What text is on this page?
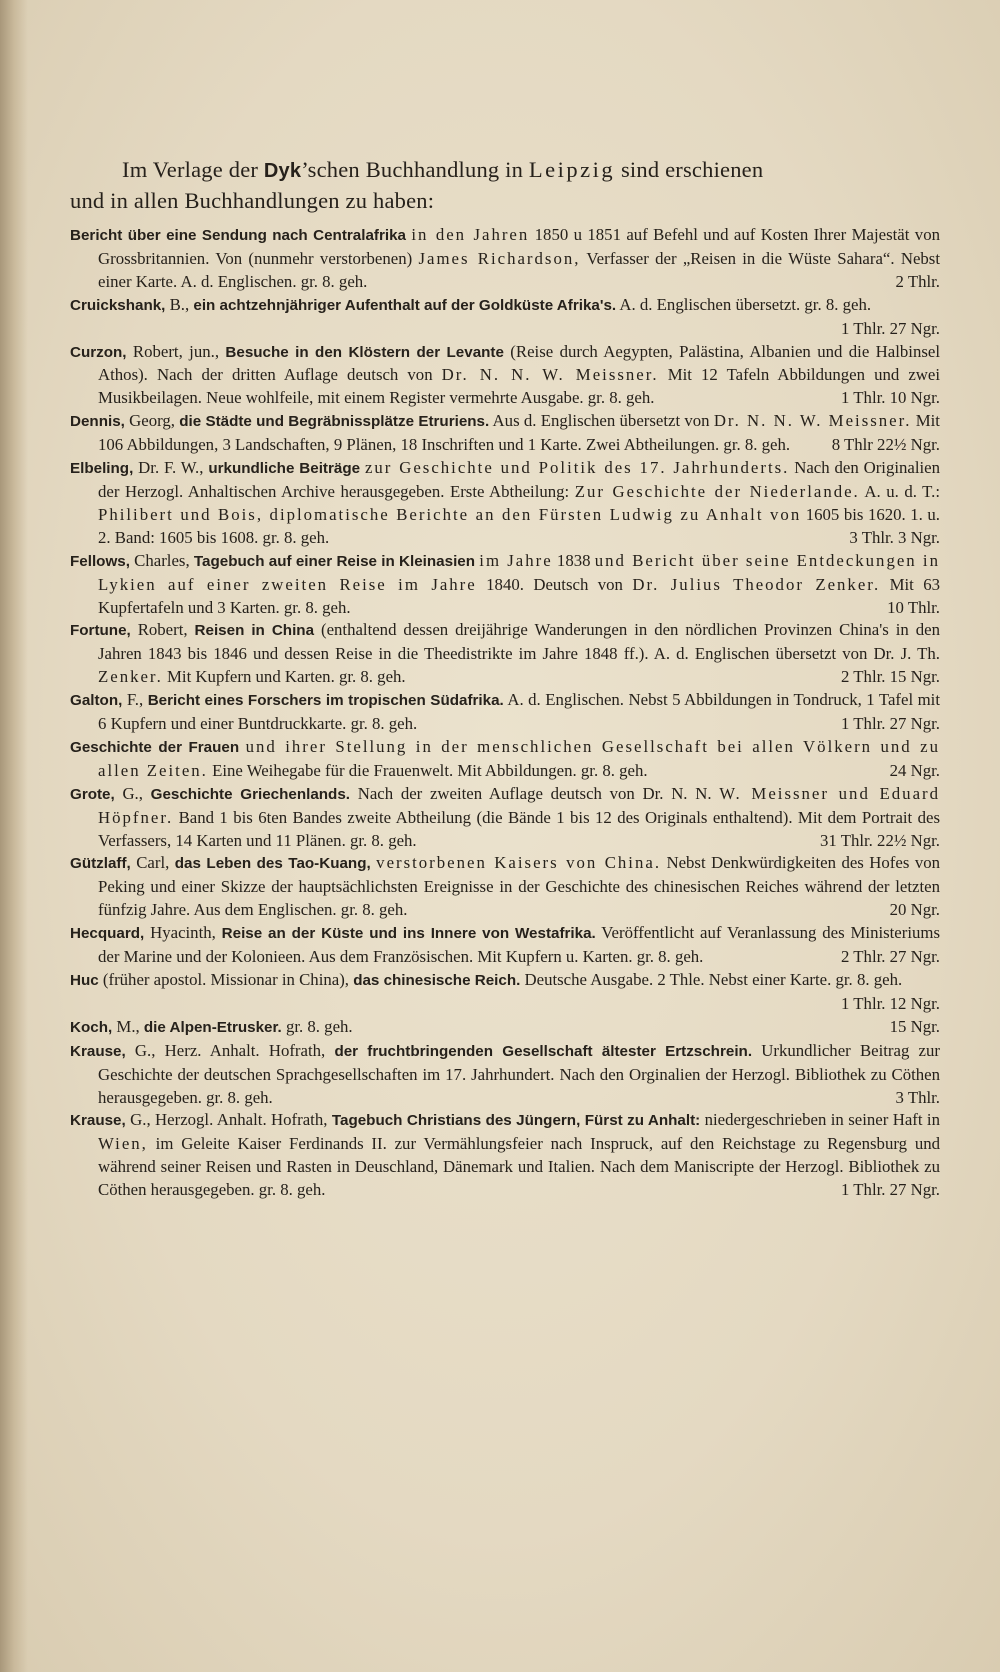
Im Verlage der Dyk’schen Buchhandlung in Leipzig sind erschienen
und in allen Buchhandlungen zu haben:

Bericht über eine Sendung nach Centralafrika in den Jahren 1850 u 1851 auf Befehl und auf Kosten Ihrer Majestät von Grossbritannien. Von (nunmehr verstorbenen) James Richardson, Verfasser der „Reisen in die Wüste Sahara“. Nebst einer Karte. A. d. Englischen. gr. 8. geh.	2 Thlr.

Cruickshank, B., ein achtzehnjähriger Aufenthalt auf der Goldküste Afrika's. A. d. Englischen übersetzt. gr. 8. geh.
1 Thlr. 27 Ngr.

Curzon, Robert, jun., Besuche in den Klöstern der Levante (Reise durch Aegypten, Palästina, Albanien und die Halbinsel Athos). Nach der dritten Auflage deutsch von Dr. N. N. W. Meissner. Mit 12 Tafeln Abbildungen und zwei Musikbeilagen. Neue wohlfeile, mit einem Register vermehrte Ausgabe. gr. 8. geh.	1 Thlr. 10 Ngr.

Dennis, Georg, die Städte und Begräbnissplätze Etruriens. Aus d. Englischen übersetzt von Dr. N. N. W. Meissner. Mit 106 Abbildungen, 3 Landschaften, 9 Plänen, 18 Inschriften und 1 Karte. Zwei Abtheilungen. gr. 8. geh.	8 Thlr 22½ Ngr.

Elbeling, Dr. F. W., urkundliche Beiträge zur Geschichte und Politik des 17. Jahrhunderts. Nach den Originalien der Herzogl. Anhaltischen Archive herausgegeben. Erste Abtheilung: Zur Geschichte der Niederlande. A. u. d. T.: Philibert und Bois, diplomatische Berichte an den Fürsten Ludwig zu Anhalt von 1605 bis 1620. 1. u. 2. Band: 1605 bis 1608. gr. 8. geh.	3 Thlr. 3 Ngr.

Fellows, Charles, Tagebuch auf einer Reise in Kleinasien im Jahre 1838 und Bericht über seine Entdeckungen in Lykien auf einer zweiten Reise im Jahre 1840. Deutsch von Dr. Julius Theodor Zenker. Mit 63 Kupfertafeln und 3 Karten. gr. 8. geh.	10 Thlr.

Fortune, Robert, Reisen in China (enthaltend dessen dreijährige Wanderungen in den nördlichen Provinzen China's in den Jahren 1843 bis 1846 und dessen Reise in die Theedistrikte im Jahre 1848 ff.). A. d. Englischen übersetzt von Dr. J. Th. Zenker. Mit Kupfern und Karten. gr. 8. geh.	2 Thlr. 15 Ngr.

Galton, F., Bericht eines Forschers im tropischen Südafrika. A. d. Englischen. Nebst 5 Abbildungen in Tondruck, 1 Tafel mit 6 Kupfern und einer Buntdruckkarte. gr. 8. geh.	1 Thlr. 27 Ngr.

Geschichte der Frauen und ihrer Stellung in der menschlichen Gesellschaft bei allen Völkern und zu allen Zeiten. Eine Weihegabe für die Frauenwelt. Mit Abbildungen. gr. 8. geh.	24 Ngr.

Grote, G., Geschichte Griechenlands. Nach der zweiten Auflage deutsch von Dr. N. N. W. Meissner und Eduard Höpfner. Band 1 bis 6ten Bandes zweite Abtheilung (die Bände 1 bis 12 des Originals enthaltend). Mit dem Portrait des Verfassers, 14 Karten und 11 Plänen. gr. 8. geh.	31 Thlr. 22½ Ngr.

Gützlaff, Carl, das Leben des Tao-Kuang, verstorbenen Kaisers von China. Nebst Denkwürdigkeiten des Hofes von Peking und einer Skizze der hauptsächlichsten Ereignisse in der Geschichte des chinesischen Reiches während der letzten fünfzig Jahre. Aus dem Englischen. gr. 8. geh.	20 Ngr.

Hecquard, Hyacinth, Reise an der Küste und ins Innere von Westafrika. Veröffentlicht auf Veranlassung des Ministeriums der Marine und der Kolonieen. Aus dem Französischen. Mit Kupfern u. Karten. gr. 8. geh.	2 Thlr. 27 Ngr.

Huc (früher apostol. Missionar in China), das chinesische Reich. Deutsche Ausgabe. 2 Thle. Nebst einer Karte. gr. 8. geh.
1 Thlr. 12 Ngr.

Koch, M., die Alpen-Etrusker. gr. 8. geh.	15 Ngr.

Krause, G., Herz. Anhalt. Hofrath, der fruchtbringenden Gesellschaft ältester Ertzschrein. Urkundlicher Beitrag zur Geschichte der deutschen Sprachgesellschaften im 17. Jahrhundert. Nach den Orginalien der Herzogl. Bibliothek zu Cöthen herausgegeben. gr. 8. geh.	3 Thlr.

Krause, G., Herzogl. Anhalt. Hofrath, Tagebuch Christians des Jüngern, Fürst zu Anhalt: niedergeschrieben in seiner Haft in Wien, im Geleite Kaiser Ferdinands II. zur Vermählungsfeier nach Inspruck, auf den Reichstage zu Regensburg und während seiner Reisen und Rasten in Deuschland, Dänemark und Italien. Nach dem Maniscripte der Herzogl. Bibliothek zu Cöthen herausgegeben. gr. 8. geh.	1 Thlr. 27 Ngr.
